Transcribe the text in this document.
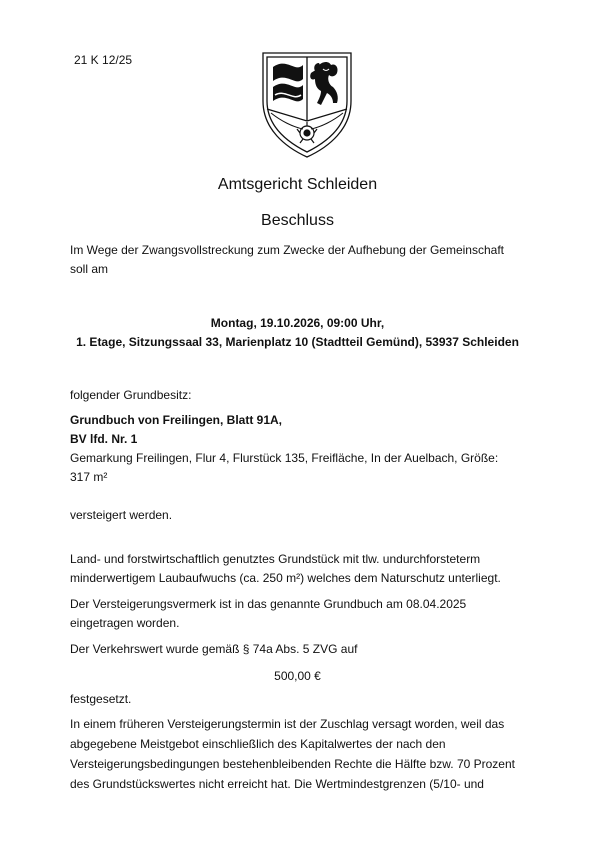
21 K 12/25
Amtsgericht Schleiden
Beschluss
Im Wege der Zwangsvollstreckung zum Zwecke der Aufhebung der Gemeinschaft
soll am
Montag, 19.10.2026, 09:00 Uhr,
1. Etage, Sitzungssaal 33, Marienplatz 10 (Stadtteil Gemünd), 53937 Schleiden
folgender Grundbesitz:
Grundbuch von Freilingen, Blatt 91A,
BV lfd. Nr. 1
Gemarkung Freilingen, Flur 4, Flurstück 135, Freifläche, In der Auelbach, Größe:
317 m²
versteigert werden.
Land- und forstwirtschaftlich genutztes Grundstück mit tlw. undurchforsteterm
minderwertigem Laubaufwuchs (ca. 250 m²) welches dem Naturschutz unterliegt.
Der Versteigerungsvermerk ist in das genannte Grundbuch am 08.04.2025
eingetragen worden.
Der Verkehrswert wurde gemäß § 74a Abs. 5 ZVG auf
500,00 €
festgesetzt.
In einem früheren Versteigerungstermin ist der Zuschlag versagt worden, weil das
abgegebene Meistgebot einschließlich des Kapitalwertes der nach den
Versteigerungsbedingungen bestehenbleibenden Rechte die Hälfte bzw. 70 Prozent
des Grundstückswertes nicht erreicht hat. Die Wertmindestgrenzen (5/10- und
